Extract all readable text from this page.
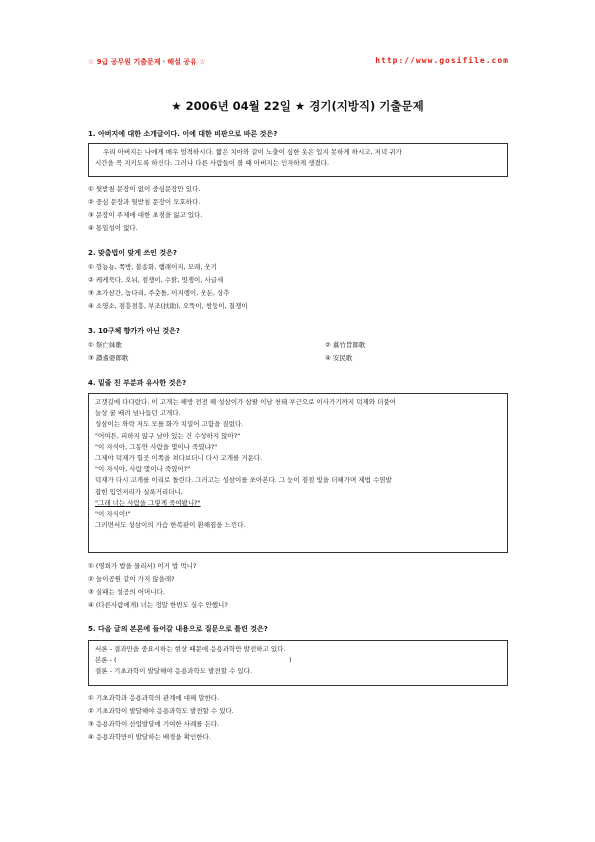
☆ 9급 공무원 기출문제ㆍ해설 공유 ☆	http://www.gosifile.com
★ 2006년 04월 22일 ★ 경기(지방직) 기출문제
1. 아버지에 대한 소개글이다. 이에 대한 비판으로 바른 것은?

우리 아버지는 나에게 매우 엄격하시다. 짧은 치마와 같이 노출이 심한 옷은 입지 못하게 하시고, 저녁 귀가

시간을 꼭 지키도록 하신다. 그러나 다른 사람들이 볼 때 아버지는 인자하게 생겼다.

① 뒷받침 문장이 없이 중심문장만 있다.
② 중심 문장과 뒷받침 문장이 모호하다.
③ 문장이 주제에 대한 초점을 잃고 있다.
④ 통일성이 없다.
2. 맞춤법이 맞게 쓰인 것은?
① 깡뇽뇽, 쪽방, 불송화, 햄래이지, 모래, 웃기
② 케케묵다, 오뉘, 점쟁이, 수탉, 멋쟁이, 사글세
③ 초가삼간, 놉다리, 주춧돌, 이지랭이, 웃돈, 상추
④ 소영소, 점흥점흥, 부조(扶助), 오뚝이, 쌍둥이, 칠쟁이
3. 10구체 향가가 아닌 것은?
① 祭亡妹歌	② 慕竹旨郞歌
③ 讚耆婆郞歌	④ 安民歌
4. 밑줄 친 부분과 유사한 것은?

고갯길에 다다랐다. 이 고개는 해방 전전 해 성삼이가 삼팔 이남 천태 부근으로 이사가기까지 덕재와 더불어

늘상 꿀 배려 넘나들던 고개다.

성삼이는 와락 저도 모를 화가 치밀어 고함을 질렀다.

"어여튼, 피하지 않구 남아 있는 건 수상하지 않아?"

"이 자식아, 그동안 사람을 몇이나 죽였냐?"

그제야 덕재가 힐곳 이쪽을 쳐다보더니 다시 고개를 거둔다.

"이 자식아, 사람 몇이나 죽였어?"

덕재가 다시 고개를 이리로 돌린다. 그러고는 성삼이를 쏘아본다. 그 눈이 점점 빛을 더해가며 제법 수염발

잡힌 입언저리가 실룩거리더니,

"그래 너는 사람을 그렇게 죽여봤니?"

"이 자식이!"

그러면서도 성삼이의 가슴 한복판이 환해짐을 느낀다.

① (영희가 밥을 물리서) 이거 밥 먹니?
② 놀이공원 같이 가지 않을래?
③ 실패는 성공의 어머니다.
④ (다른사람에게) 너는 정말 한번도 실수 안했니?
5. 다음 글의 본론에 들어갈 내용으로 질문으로 틀린 것은?

서론 - 결과만을 중요시하는 현상 때문에 응용과학만 발전하고 있다.

본론 - (	)

결론 - 기초과학이 발달해야 응용과학도 발전할 수 있다.

① 기초과학과 응용과학의 관계에 대해 말한다.
② 기초과학이 발달해야 응용과학도 발전할 수 있다.
③ 응용과학이 산업발달에 기여한 사례를 든다.
④ 응용과학만이 발달하는 배경을 확인한다.
